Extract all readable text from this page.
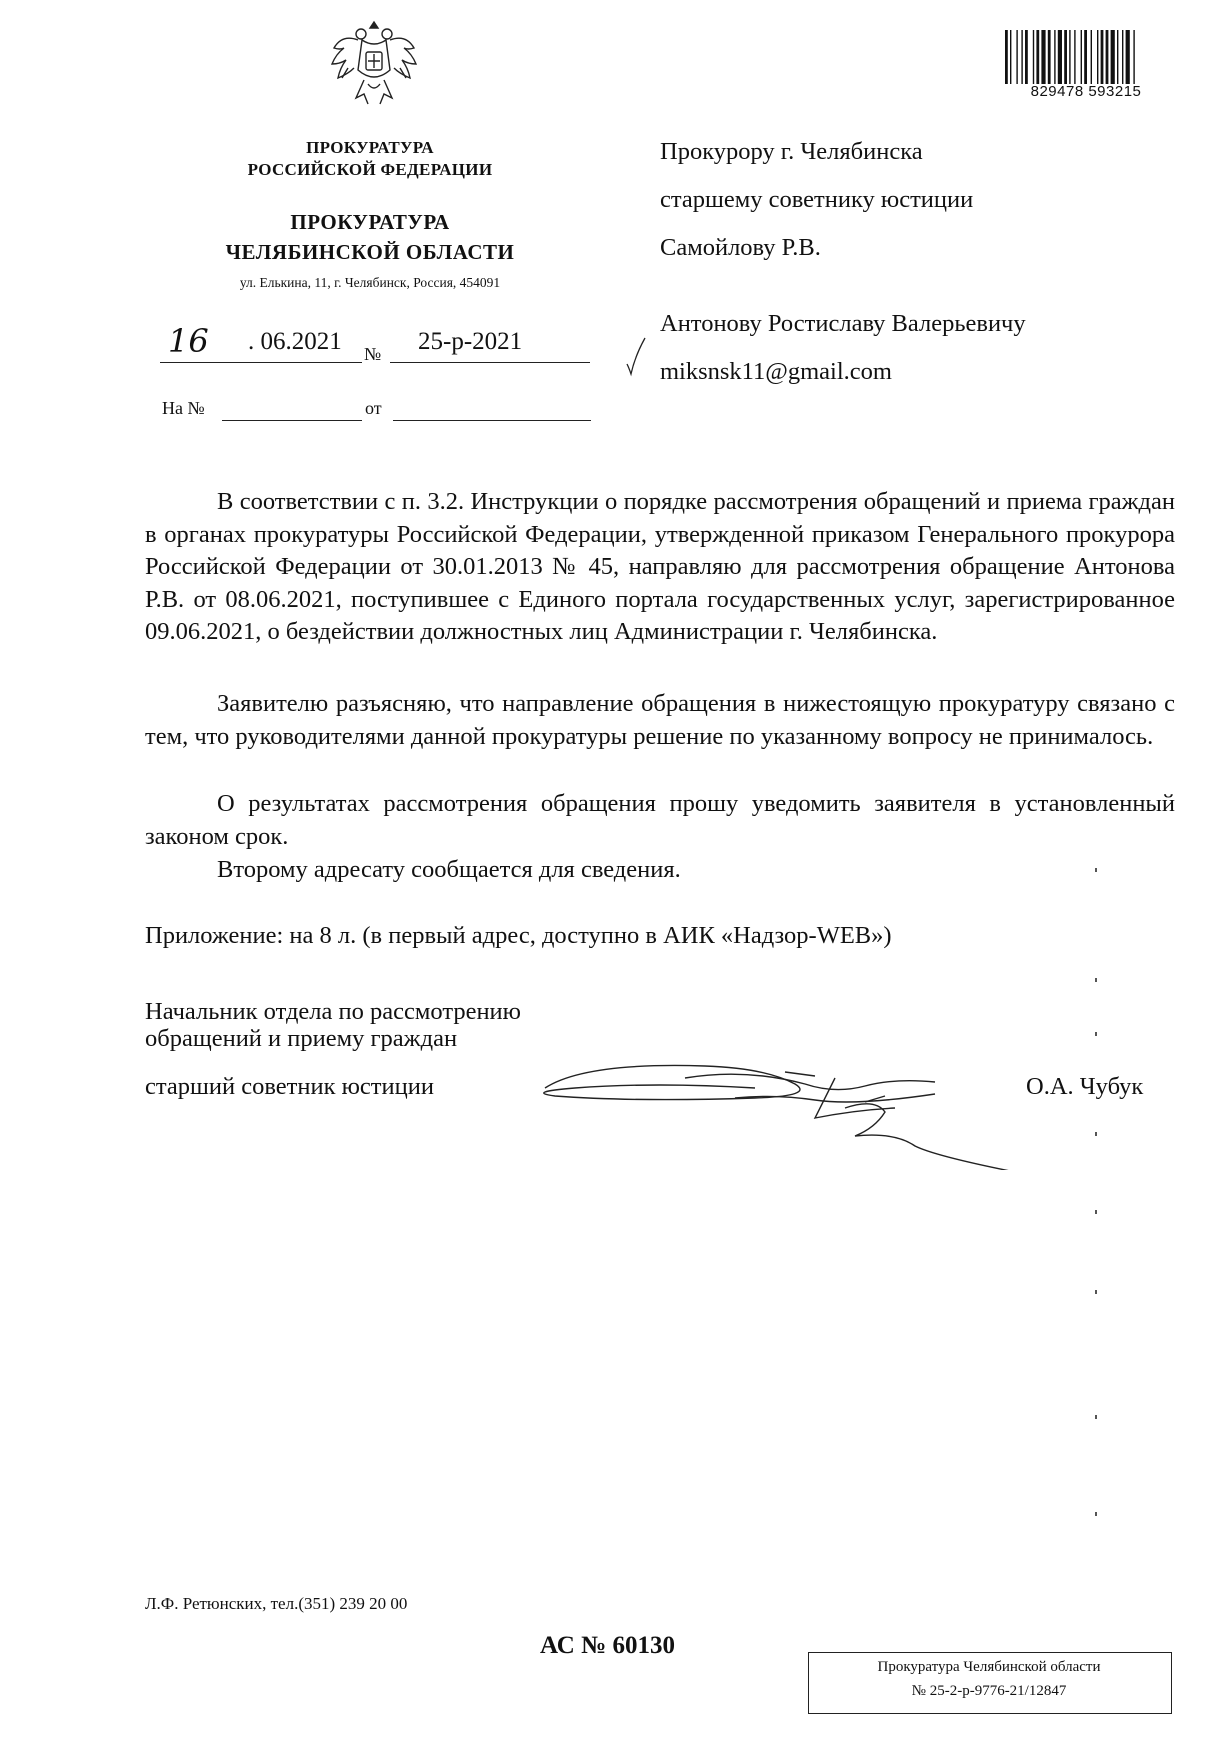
ПРОКУРАТУРА
РОССИЙСКОЙ ФЕДЕРАЦИИ
ПРОКУРАТУРА
ЧЕЛЯБИНСКОЙ ОБЛАСТИ
ул. Елькина, 11, г. Челябинск, Россия, 454091
16 . 06.2021 № 25-р-2021
На №	от
829478 593215
Прокурору г. Челябинска
старшему советнику юстиции
Самойлову Р.В.
Антонову Ростиславу Валерьевичу
miksnsk11@gmail.com
В соответствии с п. 3.2. Инструкции о порядке рассмотрения обращений и приема граждан в органах прокуратуры Российской Федерации, утвержденной приказом Генерального прокурора Российской Федерации от 30.01.2013 № 45, направляю для рассмотрения обращение Антонова Р.В. от 08.06.2021, поступившее с Единого портала государственных услуг, зарегистрированное 09.06.2021, о бездействии должностных лиц Администрации г. Челябинска.
Заявителю разъясняю, что направление обращения в нижестоящую прокуратуру связано с тем, что руководителями данной прокуратуры решение по указанному вопросу не принималось.
О результатах рассмотрения обращения прошу уведомить заявителя в установленный законом срок.
Второму адресату сообщается для сведения.
Приложение: на 8 л. (в первый адрес, доступно в АИК «Надзор-WEB»)
Начальник отдела по рассмотрению
обращений и приему граждан
старший советник юстиции	О.А. Чубук
Л.Ф. Ретюнских, тел.(351) 239 20 00
АС № 60130
Прокуратура Челябинской области
№ 25-2-р-9776-21/12847
